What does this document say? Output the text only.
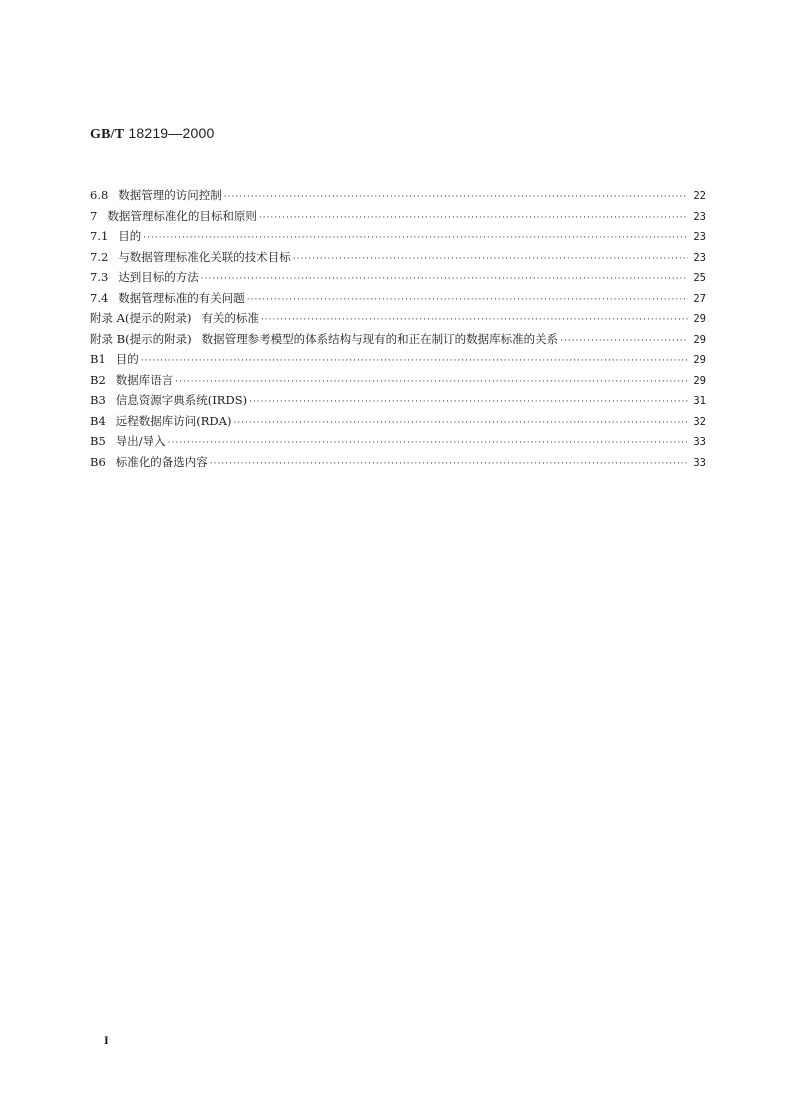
GB/T 18219—2000
6.8 数据管理的访问控制 ·····	22
7 数据管理标准化的目标和原则 ·····	23
7.1 目的 ·····	23
7.2 与数据管理标准化关联的技术目标 ·····	23
7.3 达到目标的方法 ·····	25
7.4 数据管理标准的有关问题 ·····	27
附录 A(提示的附录) 有关的标准 ·····	29
附录 B(提示的附录) 数据管理参考模型的体系结构与现有的和正在制订的数据库标准的关系 ·····	29
B1 目的 ·····	29
B2 数据库语言 ·····	29
B3 信息资源字典系统(IRDS) ·····	31
B4 远程数据库访问(RDA) ·····	32
B5 导出/导入 ·····	33
B6 标准化的备选内容 ·····	33
I
